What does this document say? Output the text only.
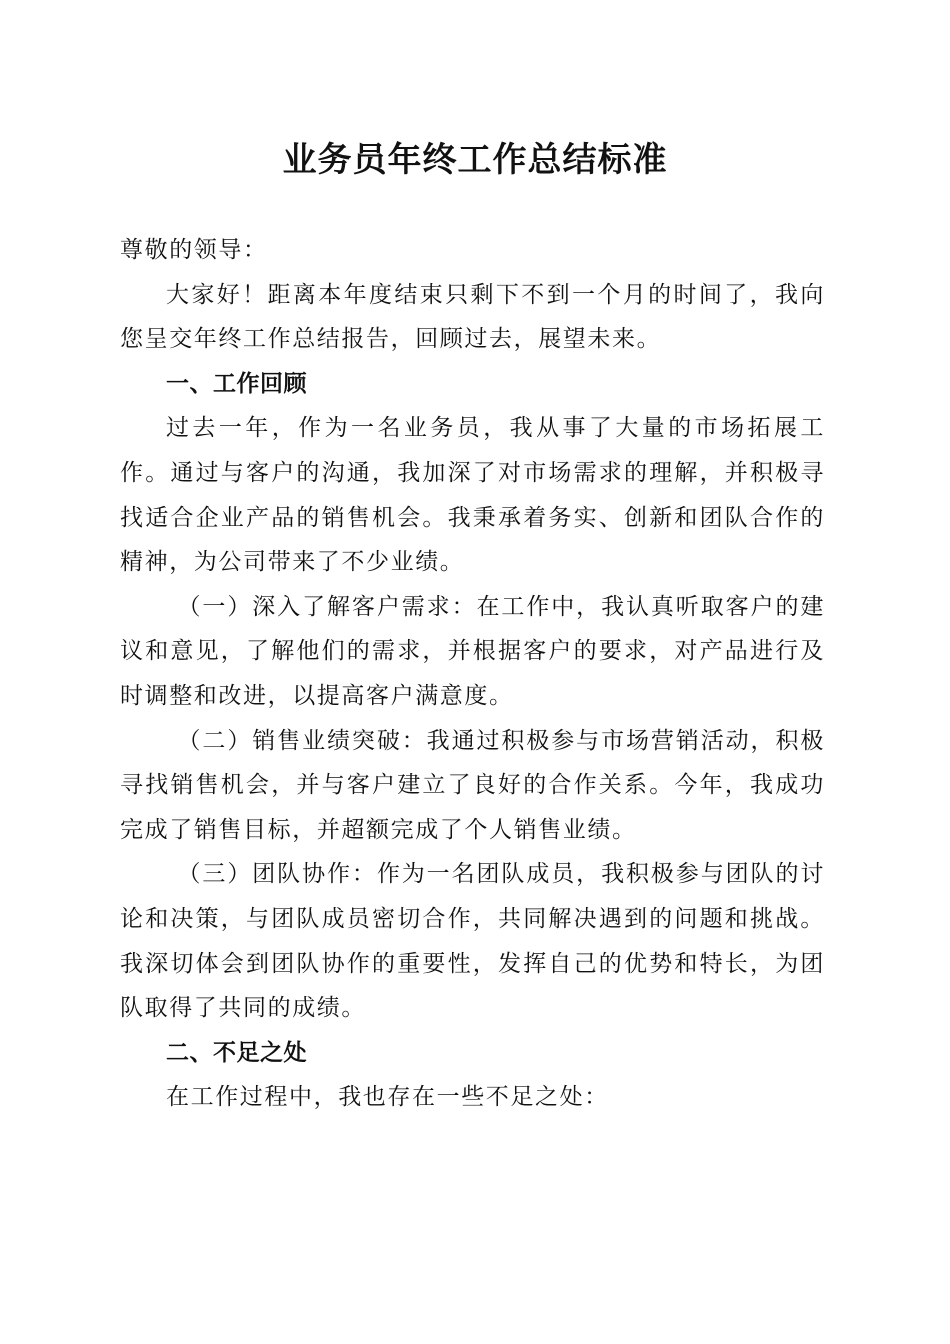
业务员年终工作总结标准

尊敬的领导：

大家好！距离本年度结束只剩下不到一个月的时间了，我向您呈交年终工作总结报告，回顾过去，展望未来。

一、工作回顾

过去一年，作为一名业务员，我从事了大量的市场拓展工作。通过与客户的沟通，我加深了对市场需求的理解，并积极寻找适合企业产品的销售机会。我秉承着务实、创新和团队合作的精神，为公司带来了不少业绩。

（一）深入了解客户需求：在工作中，我认真听取客户的建议和意见，了解他们的需求，并根据客户的要求，对产品进行及时调整和改进，以提高客户满意度。

（二）销售业绩突破：我通过积极参与市场营销活动，积极寻找销售机会，并与客户建立了良好的合作关系。今年，我成功完成了销售目标，并超额完成了个人销售业绩。

（三）团队协作：作为一名团队成员，我积极参与团队的讨论和决策，与团队成员密切合作，共同解决遇到的问题和挑战。我深切体会到团队协作的重要性，发挥自己的优势和特长，为团队取得了共同的成绩。

二、不足之处

在工作过程中，我也存在一些不足之处：
